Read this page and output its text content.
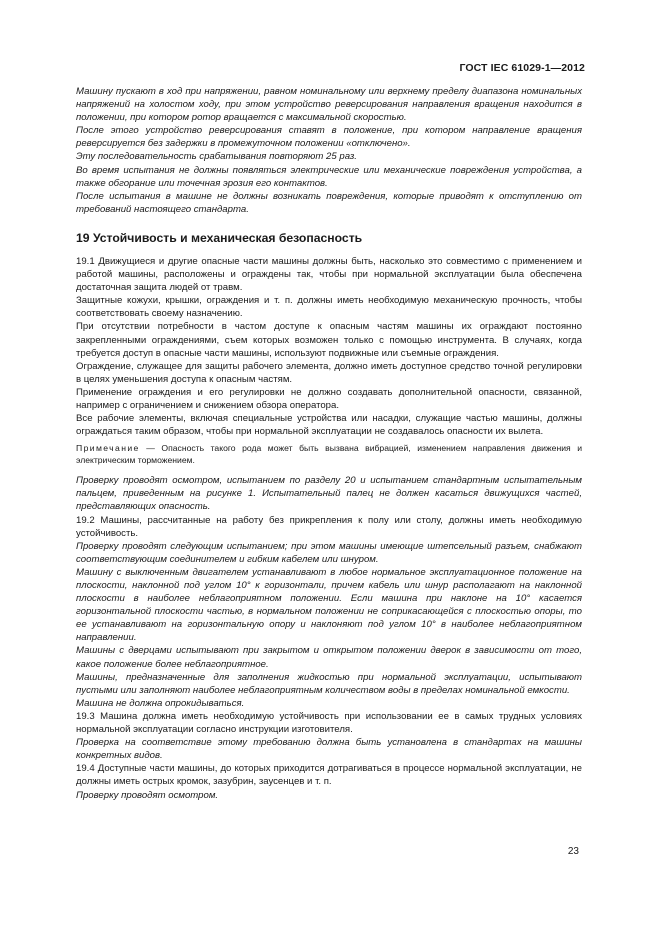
ГОСТ IEC 61029-1—2012

Машину пускают в ход при напряжении, равном номинальному или верхнему пределу диапазона номинальных напряжений на холостом ходу, при этом устройство реверсирования направления вращения находится в положении, при котором ротор вращается с максимальной скоростью.

После этого устройство реверсирования ставят в положение, при котором направление вращения реверсируется без задержки в промежуточном положении «отключено».

Эту последовательность срабатывания повторяют 25 раз.

Во время испытания не должны появляться электрические или механические повреждения устройства, а также обгорание или точечная эрозия его контактов.

После испытания в машине не должны возникать повреждения, которые приводят к отступлению от требований настоящего стандарта.

19 Устойчивость и механическая безопасность

19.1 Движущиеся и другие опасные части машины должны быть, насколько это совместимо с применением и работой машины, расположены и ограждены так, чтобы при нормальной эксплуатации была обеспечена достаточная защита людей от травм.

Защитные кожухи, крышки, ограждения и т. п. должны иметь необходимую механическую прочность, чтобы соответствовать своему назначению.

При отсутствии потребности в частом доступе к опасным частям машины их ограждают постоянно закрепленными ограждениями, съем которых возможен только с помощью инструмента. В случаях, когда требуется доступ в опасные части машины, используют подвижные или съемные ограждения.

Ограждение, служащее для защиты рабочего элемента, должно иметь доступное средство точной регулировки в целях уменьшения доступа к опасным частям.

Применение ограждения и его регулировки не должно создавать дополнительной опасности, связанной, например с ограничением и снижением обзора оператора.

Все рабочие элементы, включая специальные устройства или насадки, служащие частью машины, должны ограждаться таким образом, чтобы при нормальной эксплуатации не создавалось опасности их вылета.

Примечание — Опасность такого рода может быть вызвана вибрацией, изменением направления движения и электрическим торможением.

Проверку проводят осмотром, испытанием по разделу 20 и испытанием стандартным испытательным пальцем, приведенным на рисунке 1. Испытательный палец не должен касаться движущихся частей, представляющих опасность.

19.2 Машины, рассчитанные на работу без прикрепления к полу или столу, должны иметь необходимую устойчивость.

Проверку проводят следующим испытанием; при этом машины имеющие штепсельный разъем, снабжают соответствующим соединителем и гибким кабелем или шнуром.

Машину с выключенным двигателем устанавливают в любое нормальное эксплуатационное положение на плоскости, наклонной под углом 10° к горизонтали, причем кабель или шнур располагают на наклонной плоскости в наиболее неблагоприятном положении. Если машина при наклоне на 10° касается горизонтальной плоскости частью, в нормальном положении не соприкасающейся с плоскостью опоры, то ее устанавливают на горизонтальную опору и наклоняют под углом 10° в наиболее неблагоприятном направлении.

Машины с дверцами испытывают при закрытом и открытом положении дверок в зависимости от того, какое положение более неблагоприятное.

Машины, предназначенные для заполнения жидкостью при нормальной эксплуатации, испытывают пустыми или заполняют наиболее неблагоприятным количеством воды в пределах номинальной емкости.

Машина не должна опрокидываться.

19.3 Машина должна иметь необходимую устойчивость при использовании ее в самых трудных условиях нормальной эксплуатации согласно инструкции изготовителя.

Проверка на соответствие этому требованию должна быть установлена в стандартах на машины конкретных видов.

19.4 Доступные части машины, до которых приходится дотрагиваться в процессе нормальной эксплуатации, не должны иметь острых кромок, зазубрин, заусенцев и т. п.

Проверку проводят осмотром.

23
